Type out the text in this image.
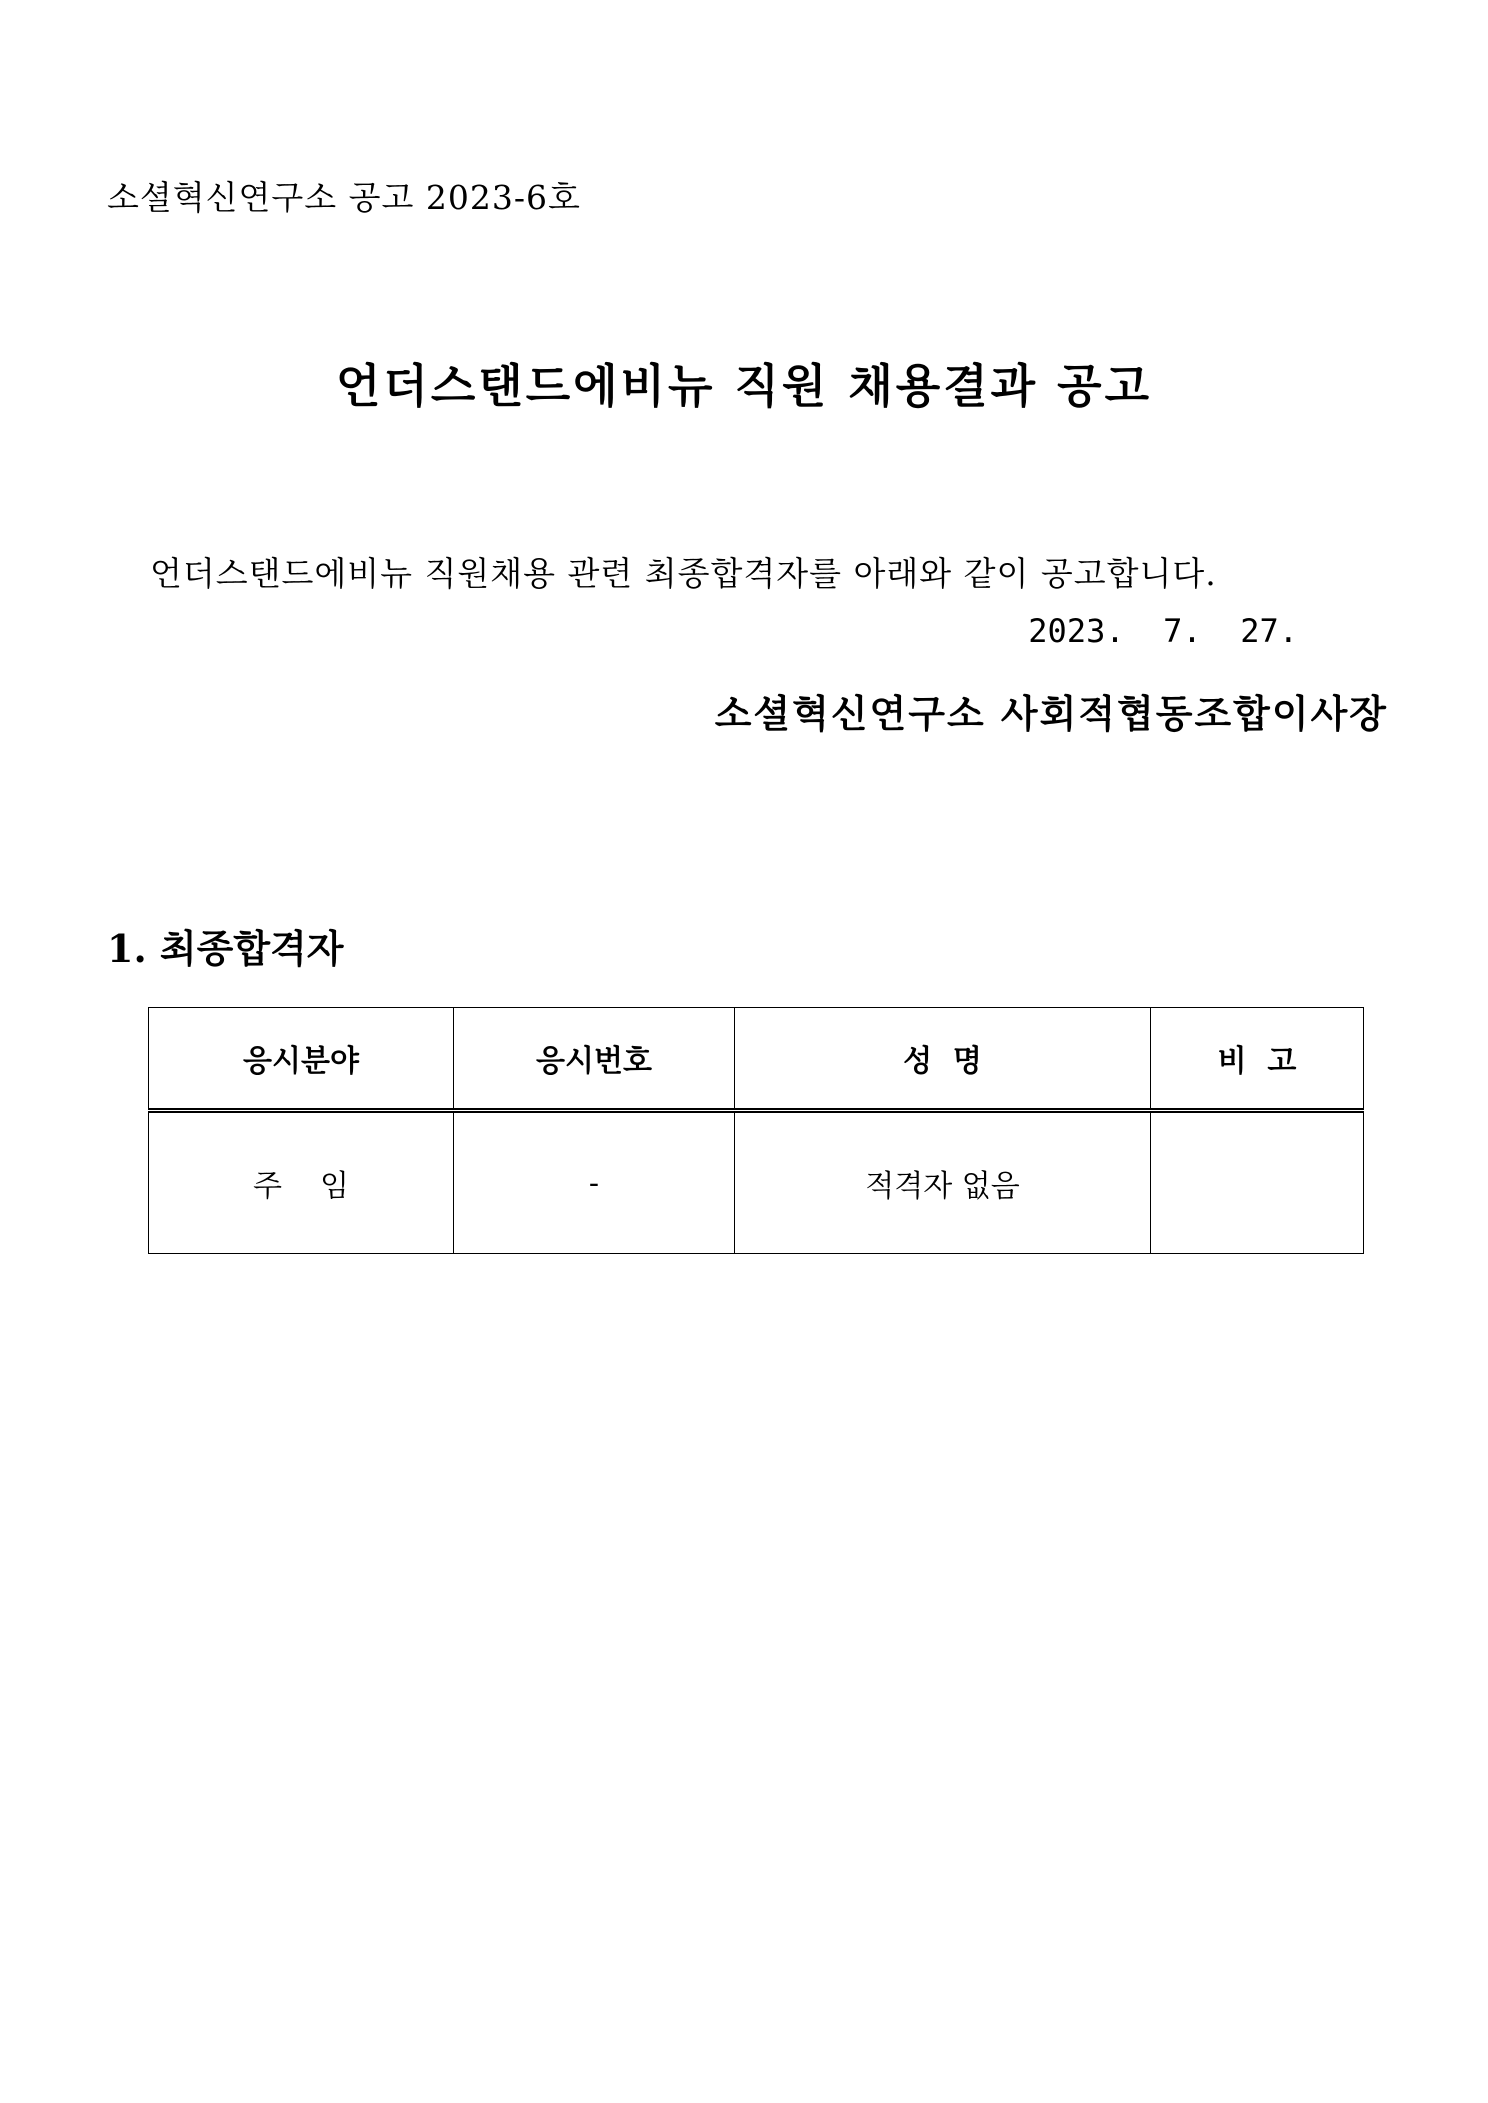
소셜혁신연구소 공고 2023-6호
언더스탠드에비뉴 직원 채용결과 공고
언더스탠드에비뉴 직원채용 관련 최종합격자를 아래와 같이 공고합니다.
2023.  7.  27.
소셜혁신연구소 사회적협동조합이사장
1. 최종합격자
응시분야	응시번호	성  명	비  고
주    임	-	적격자 없음	
